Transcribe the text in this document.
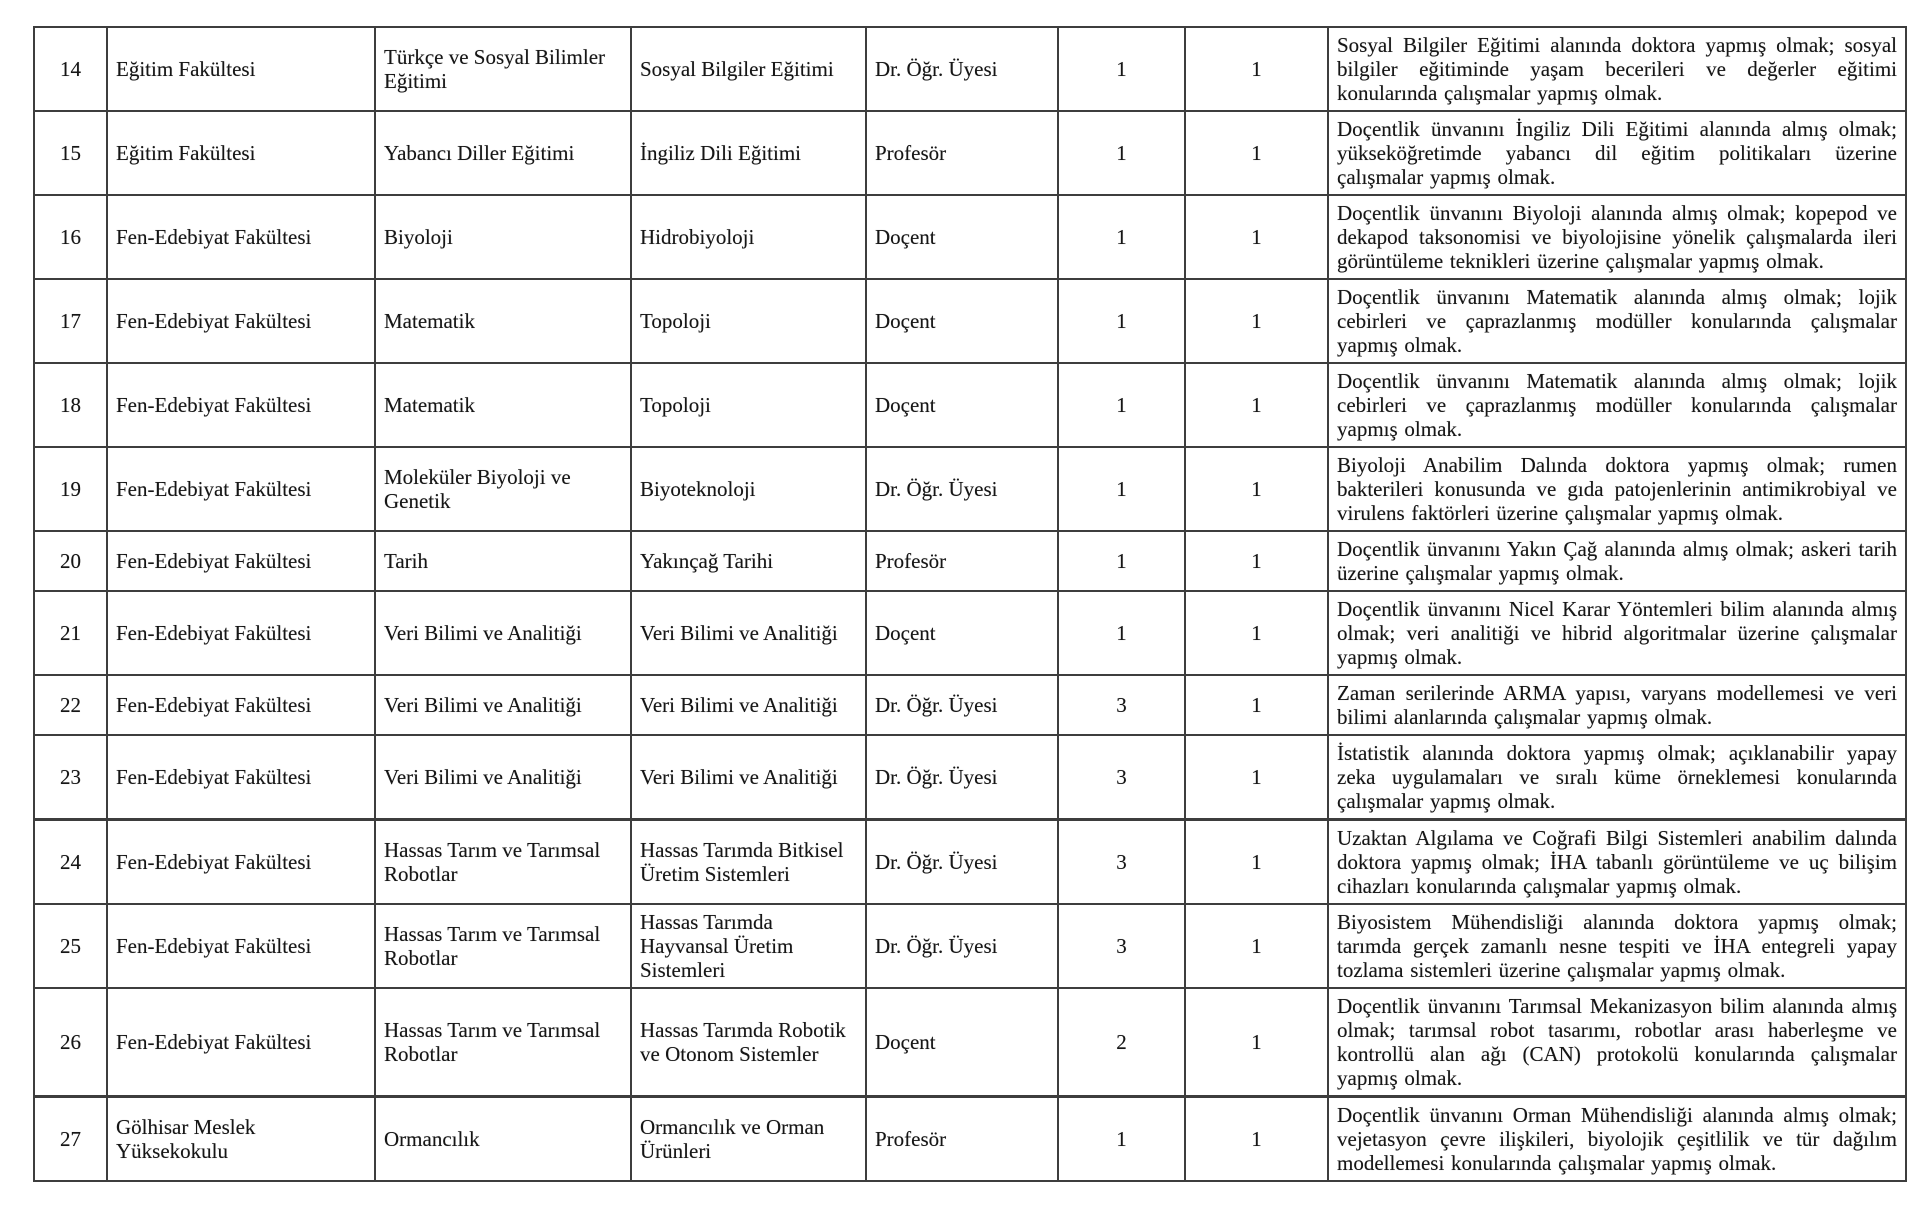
14	Eğitim Fakültesi	Türkçe ve Sosyal Bilimler Eğitimi	Sosyal Bilgiler Eğitimi	Dr. Öğr. Üyesi	1	1	Sosyal Bilgiler Eğitimi alanında doktora yapmış olmak; sosyal bilgiler eğitiminde yaşam becerileri ve değerler eğitimi konularında çalışmalar yapmış olmak.
15	Eğitim Fakültesi	Yabancı Diller Eğitimi	İngiliz Dili Eğitimi	Profesör	1	1	Doçentlik ünvanını İngiliz Dili Eğitimi alanında almış olmak; yükseköğretimde yabancı dil eğitim politikaları üzerine çalışmalar yapmış olmak.
16	Fen-Edebiyat Fakültesi	Biyoloji	Hidrobiyoloji	Doçent	1	1	Doçentlik ünvanını Biyoloji alanında almış olmak; kopepod ve dekapod taksonomisi ve biyolojisine yönelik çalışmalarda ileri görüntüleme teknikleri üzerine çalışmalar yapmış olmak.
17	Fen-Edebiyat Fakültesi	Matematik	Topoloji	Doçent	1	1	Doçentlik ünvanını Matematik alanında almış olmak; lojik cebirleri ve çaprazlanmış modüller konularında çalışmalar yapmış olmak.
18	Fen-Edebiyat Fakültesi	Matematik	Topoloji	Doçent	1	1	Doçentlik ünvanını Matematik alanında almış olmak; lojik cebirleri ve çaprazlanmış modüller konularında çalışmalar yapmış olmak.
19	Fen-Edebiyat Fakültesi	Moleküler Biyoloji ve Genetik	Biyoteknoloji	Dr. Öğr. Üyesi	1	1	Biyoloji Anabilim Dalında doktora yapmış olmak; rumen bakterileri konusunda ve gıda patojenlerinin antimikrobiyal ve virulens faktörleri üzerine çalışmalar yapmış olmak.
20	Fen-Edebiyat Fakültesi	Tarih	Yakınçağ Tarihi	Profesör	1	1	Doçentlik ünvanını Yakın Çağ alanında almış olmak; askeri tarih üzerine çalışmalar yapmış olmak.
21	Fen-Edebiyat Fakültesi	Veri Bilimi ve Analitiği	Veri Bilimi ve Analitiği	Doçent	1	1	Doçentlik ünvanını Nicel Karar Yöntemleri bilim alanında almış olmak; veri analitiği ve hibrid algoritmalar üzerine çalışmalar yapmış olmak.
22	Fen-Edebiyat Fakültesi	Veri Bilimi ve Analitiği	Veri Bilimi ve Analitiği	Dr. Öğr. Üyesi	3	1	Zaman serilerinde ARMA yapısı, varyans modellemesi ve veri bilimi alanlarında çalışmalar yapmış olmak.
23	Fen-Edebiyat Fakültesi	Veri Bilimi ve Analitiği	Veri Bilimi ve Analitiği	Dr. Öğr. Üyesi	3	1	İstatistik alanında doktora yapmış olmak; açıklanabilir yapay zeka uygulamaları ve sıralı küme örneklemesi konularında çalışmalar yapmış olmak.
24	Fen-Edebiyat Fakültesi	Hassas Tarım ve Tarımsal Robotlar	Hassas Tarımda Bitkisel Üretim Sistemleri	Dr. Öğr. Üyesi	3	1	Uzaktan Algılama ve Coğrafi Bilgi Sistemleri anabilim dalında doktora yapmış olmak; İHA tabanlı görüntüleme ve uç bilişim cihazları konularında çalışmalar yapmış olmak.
25	Fen-Edebiyat Fakültesi	Hassas Tarım ve Tarımsal Robotlar	Hassas Tarımda Hayvansal Üretim Sistemleri	Dr. Öğr. Üyesi	3	1	Biyosistem Mühendisliği alanında doktora yapmış olmak; tarımda gerçek zamanlı nesne tespiti ve İHA entegreli yapay tozlama sistemleri üzerine çalışmalar yapmış olmak.
26	Fen-Edebiyat Fakültesi	Hassas Tarım ve Tarımsal Robotlar	Hassas Tarımda Robotik ve Otonom Sistemler	Doçent	2	1	Doçentlik ünvanını Tarımsal Mekanizasyon bilim alanında almış olmak; tarımsal robot tasarımı, robotlar arası haberleşme ve kontrollü alan ağı (CAN) protokolü konularında çalışmalar yapmış olmak.
27	Gölhisar Meslek Yüksekokulu	Ormancılık	Ormancılık ve Orman Ürünleri	Profesör	1	1	Doçentlik ünvanını Orman Mühendisliği alanında almış olmak; vejetasyon çevre ilişkileri, biyolojik çeşitlilik ve tür dağılım modellemesi konularında çalışmalar yapmış olmak.
